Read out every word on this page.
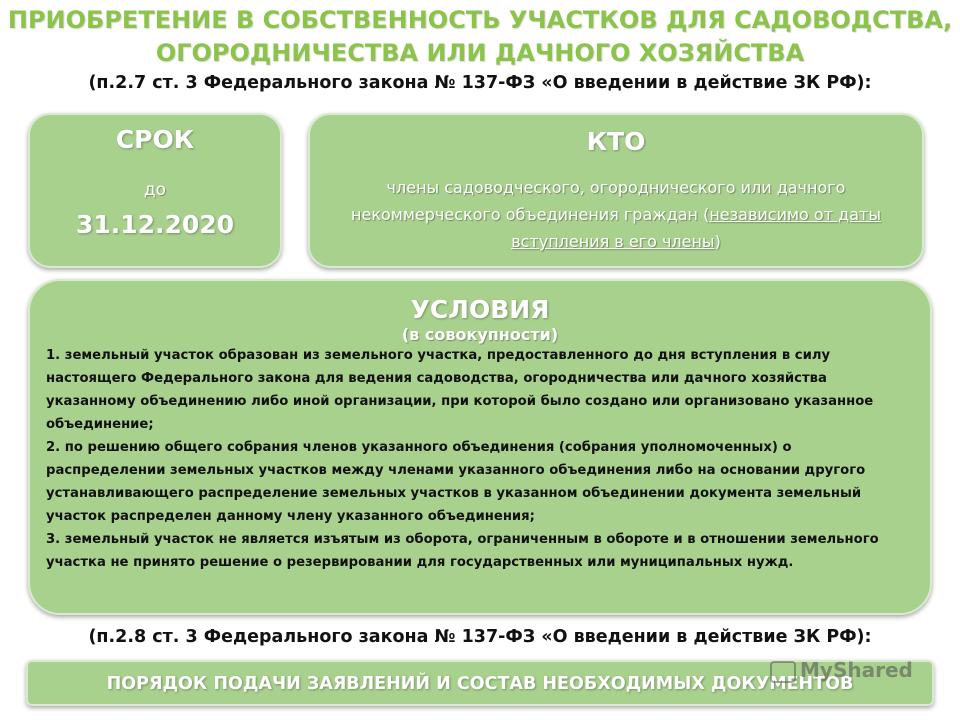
ПРИОБРЕТЕНИЕ В СОБСТВЕННОСТЬ УЧАСТКОВ ДЛЯ САДОВОДСТВА,
ОГОРОДНИЧЕСТВА ИЛИ ДАЧНОГО ХОЗЯЙСТВА

(п.2.7 ст. 3 Федерального закона № 137-ФЗ «О введении в действие ЗК РФ):

СРОК
до
31.12.2020
КТО
члены садоводческого, огороднического или дачного некоммерческого объединения граждан (независимо от даты вступления в его члены)
УСЛОВИЯ
(в совокупности)

1. земельный участок образован из земельного участка, предоставленного до дня вступления в силу настоящего Федерального закона для ведения садоводства, огородничества или дачного хозяйства указанному объединению либо иной организации, при которой было создано или организовано указанное объединение;

2. по решению общего собрания членов указанного объединения (собрания уполномоченных) о распределении земельных участков между членами указанного объединения либо на основании другого устанавливающего распределение земельных участков в указанном объединении документа земельный участок распределен данному члену указанного объединения;

3. земельный участок не является изъятым из оборота, ограниченным в обороте и в отношении земельного участка не принято решение о резервировании для государственных или муниципальных нужд.

(п.2.8 ст. 3 Федерального закона № 137-ФЗ «О введении в действие ЗК РФ):

ПОРЯДОК ПОДАЧИ ЗАЯВЛЕНИЙ И СОСТАВ НЕОБХОДИМЫХ ДОКУМЕНТОВ
MyShared
